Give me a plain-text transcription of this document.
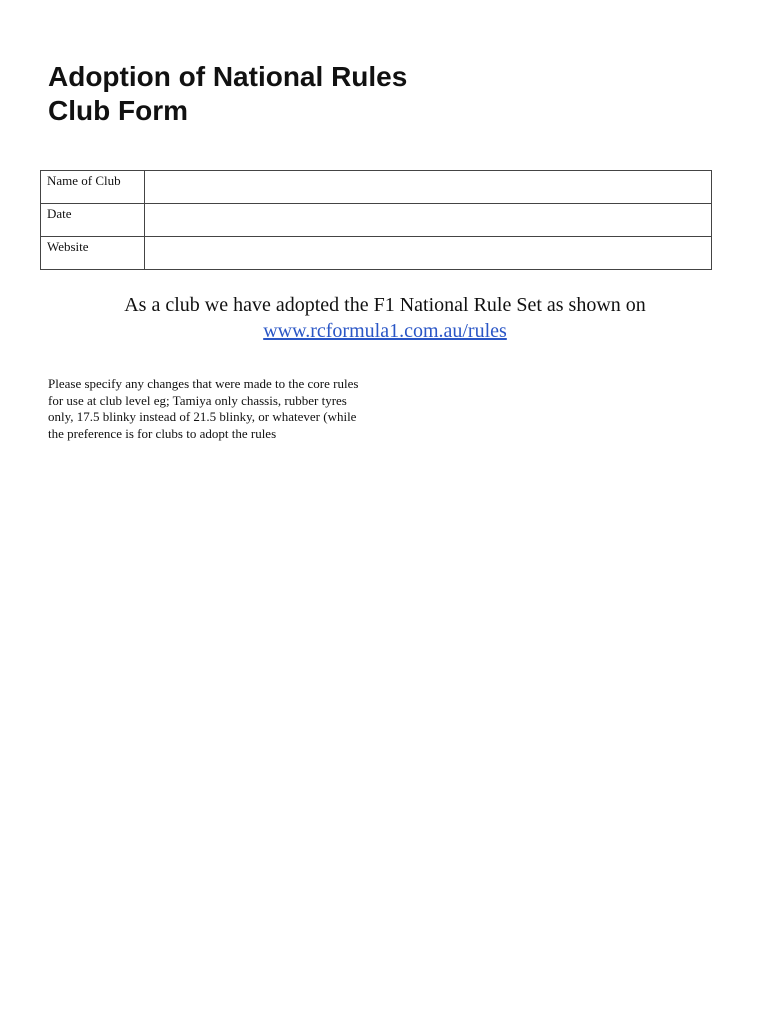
Adoption of National Rules
Club Form
Name of Club	
Date	
Website	
As a club we have adopted the F1 National Rule Set as shown on
www.rcformula1.com.au/rules

Please specify any changes that were made to the core rules for use at club level eg; Tamiya only chassis, rubber tyres only, 17.5 blinky instead of 21.5 blinky, or whatever (while the preference is for clubs to adopt the rules
